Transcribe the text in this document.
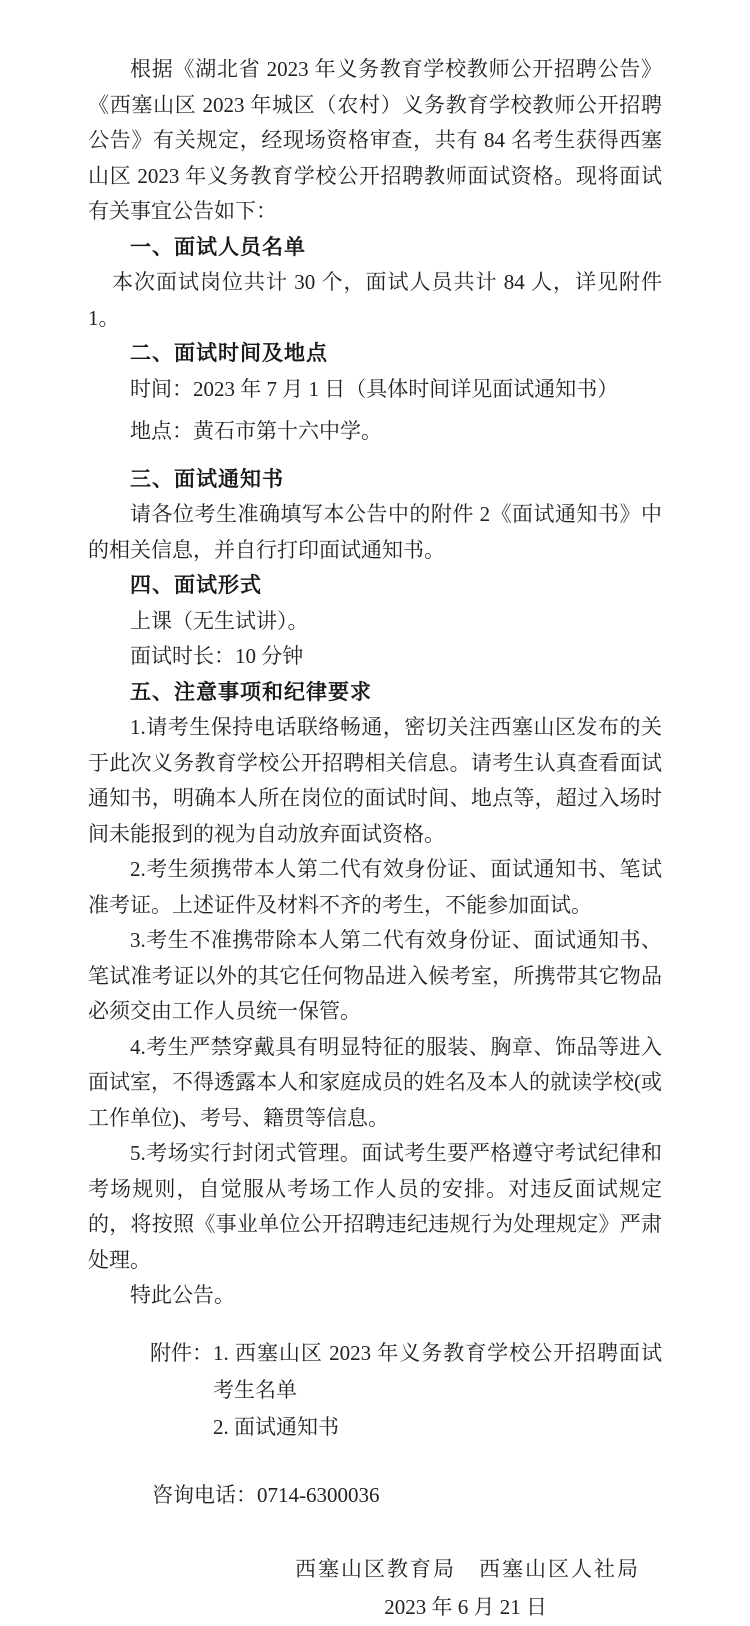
根据《湖北省 2023 年义务教育学校教师公开招聘公告》《西塞山区 2023 年城区（农村）义务教育学校教师公开招聘公告》有关规定，经现场资格审查，共有 84 名考生获得西塞山区 2023 年义务教育学校公开招聘教师面试资格。现将面试有关事宜公告如下：

一、面试人员名单

本次面试岗位共计 30 个，面试人员共计 84 人，详见附件 1。

二、面试时间及地点

时间：2023 年 7 月 1 日（具体时间详见面试通知书）

地点：黄石市第十六中学。

三、面试通知书

请各位考生准确填写本公告中的附件 2《面试通知书》中的相关信息，并自行打印面试通知书。

四、面试形式

上课（无生试讲）。

面试时长：10 分钟

五、注意事项和纪律要求

1.请考生保持电话联络畅通，密切关注西塞山区发布的关于此次义务教育学校公开招聘相关信息。请考生认真查看面试通知书，明确本人所在岗位的面试时间、地点等，超过入场时间未能报到的视为自动放弃面试资格。

2.考生须携带本人第二代有效身份证、面试通知书、笔试准考证。上述证件及材料不齐的考生，不能参加面试。

3.考生不准携带除本人第二代有效身份证、面试通知书、笔试准考证以外的其它任何物品进入候考室，所携带其它物品必须交由工作人员统一保管。

4.考生严禁穿戴具有明显特征的服装、胸章、饰品等进入面试室，不得透露本人和家庭成员的姓名及本人的就读学校(或工作单位)、考号、籍贯等信息。

5.考场实行封闭式管理。面试考生要严格遵守考试纪律和考场规则，自觉服从考场工作人员的安排。对违反面试规定的，将按照《事业单位公开招聘违纪违规行为处理规定》严肃处理。

特此公告。

附件： 1. 西塞山区 2023 年义务教育学校公开招聘面试考生名单
2. 面试通知书
咨询电话：0714-6300036
西塞山区教育局　西塞山区人社局
2023 年 6 月 21 日
